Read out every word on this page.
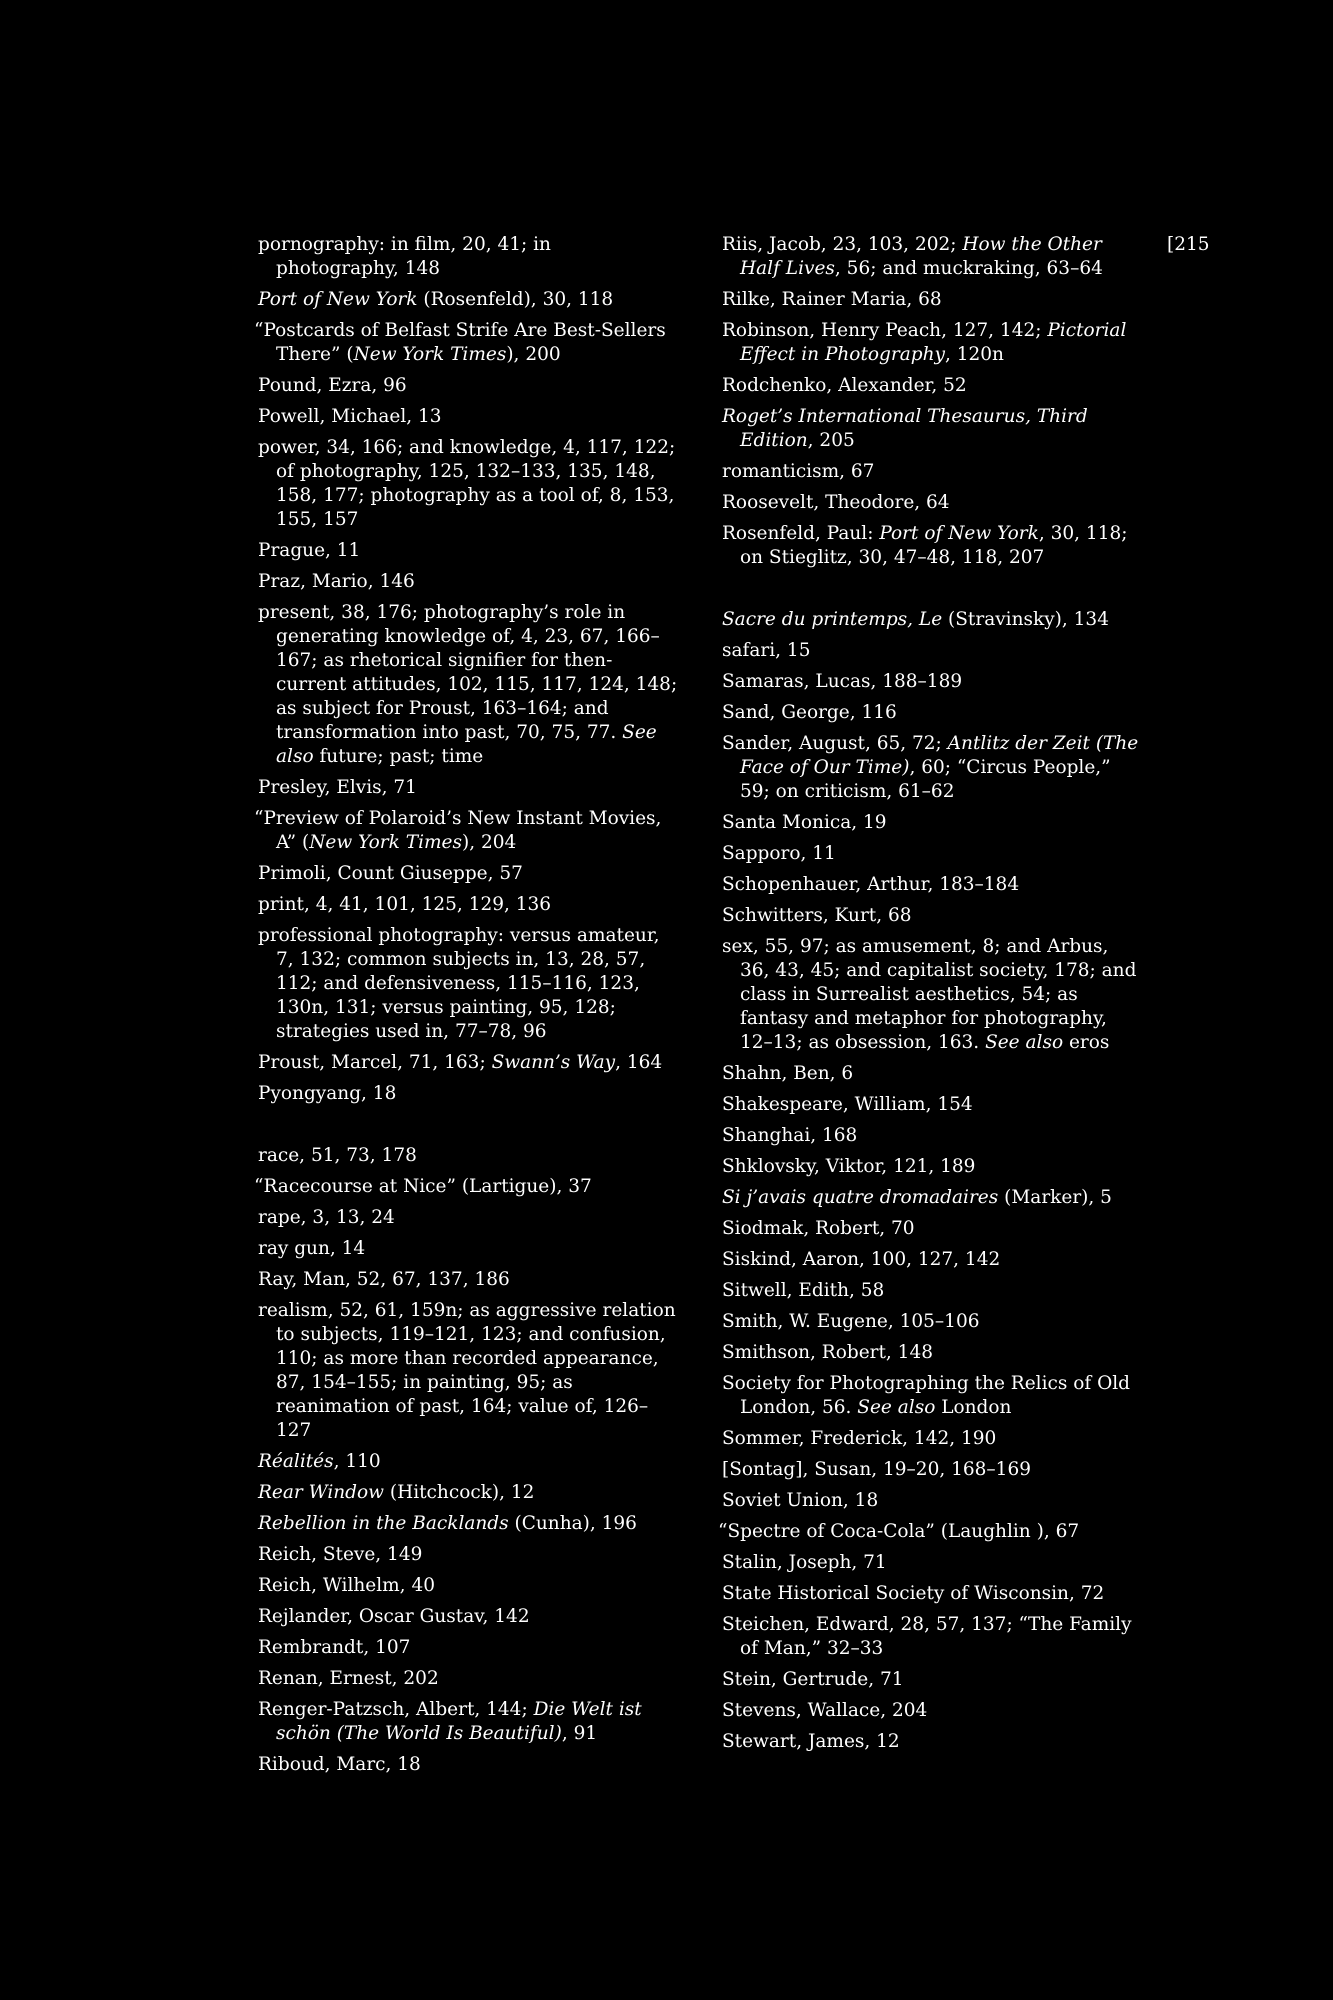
[215
pornography: in film, 20, 41; in photography, 148
Port of New York (Rosenfeld), 30, 118
“Postcards of Belfast Strife Are Best-Sellers There” (New York Times), 200
Pound, Ezra, 96
Powell, Michael, 13
power, 34, 166; and knowledge, 4, 117, 122; of photography, 125, 132–133, 135, 148, 158, 177; photography as a tool of, 8, 153, 155, 157
Prague, 11
Praz, Mario, 146
present, 38, 176; photography’s role in generating knowledge of, 4, 23, 67, 166–167; as rhetorical signifier for then-current attitudes, 102, 115, 117, 124, 148; as subject for Proust, 163–164; and transformation into past, 70, 75, 77. See also future; past; time
Presley, Elvis, 71
“Preview of Polaroid’s New Instant Movies, A” (New York Times), 204
Primoli, Count Giuseppe, 57
print, 4, 41, 101, 125, 129, 136
professional photography: versus amateur, 7, 132; common subjects in, 13, 28, 57, 112; and defensiveness, 115–116, 123, 130n, 131; versus painting, 95, 128; strategies used in, 77–78, 96
Proust, Marcel, 71, 163; Swann’s Way, 164
Pyongyang, 18
race, 51, 73, 178
“Racecourse at Nice” (Lartigue), 37
rape, 3, 13, 24
ray gun, 14
Ray, Man, 52, 67, 137, 186
realism, 52, 61, 159n; as aggressive relation to subjects, 119–121, 123; and confusion, 110; as more than recorded appearance, 87, 154–155; in painting, 95; as reanimation of past, 164; value of, 126–127
Réalités, 110
Rear Window (Hitchcock), 12
Rebellion in the Backlands (Cunha), 196
Reich, Steve, 149
Reich, Wilhelm, 40
Rejlander, Oscar Gustav, 142
Rembrandt, 107
Renan, Ernest, 202
Renger-Patzsch, Albert, 144; Die Welt ist schön (The World Is Beautiful), 91
Riboud, Marc, 18
Riis, Jacob, 23, 103, 202; How the Other Half Lives, 56; and muckraking, 63–64
Rilke, Rainer Maria, 68
Robinson, Henry Peach, 127, 142; Pictorial Effect in Photography, 120n
Rodchenko, Alexander, 52
Roget’s International Thesaurus, Third Edition, 205
romanticism, 67
Roosevelt, Theodore, 64
Rosenfeld, Paul: Port of New York, 30, 118; on Stieglitz, 30, 47–48, 118, 207
Sacre du printemps, Le (Stravinsky), 134
safari, 15
Samaras, Lucas, 188–189
Sand, George, 116
Sander, August, 65, 72; Antlitz der Zeit (The Face of Our Time), 60; “Circus People,” 59; on criticism, 61–62
Santa Monica, 19
Sapporo, 11
Schopenhauer, Arthur, 183–184
Schwitters, Kurt, 68
sex, 55, 97; as amusement, 8; and Arbus, 36, 43, 45; and capitalist society, 178; and class in Surrealist aesthetics, 54; as fantasy and metaphor for photography, 12–13; as obsession, 163. See also eros
Shahn, Ben, 6
Shakespeare, William, 154
Shanghai, 168
Shklovsky, Viktor, 121, 189
Si j’avais quatre dromadaires (Marker), 5
Siodmak, Robert, 70
Siskind, Aaron, 100, 127, 142
Sitwell, Edith, 58
Smith, W. Eugene, 105–106
Smithson, Robert, 148
Society for Photographing the Relics of Old London, 56. See also London
Sommer, Frederick, 142, 190
[Sontag], Susan, 19–20, 168–169
Soviet Union, 18
“Spectre of Coca-Cola” (Laughlin ), 67
Stalin, Joseph, 71
State Historical Society of Wisconsin, 72
Steichen, Edward, 28, 57, 137; “The Family of Man,” 32–33
Stein, Gertrude, 71
Stevens, Wallace, 204
Stewart, James, 12
